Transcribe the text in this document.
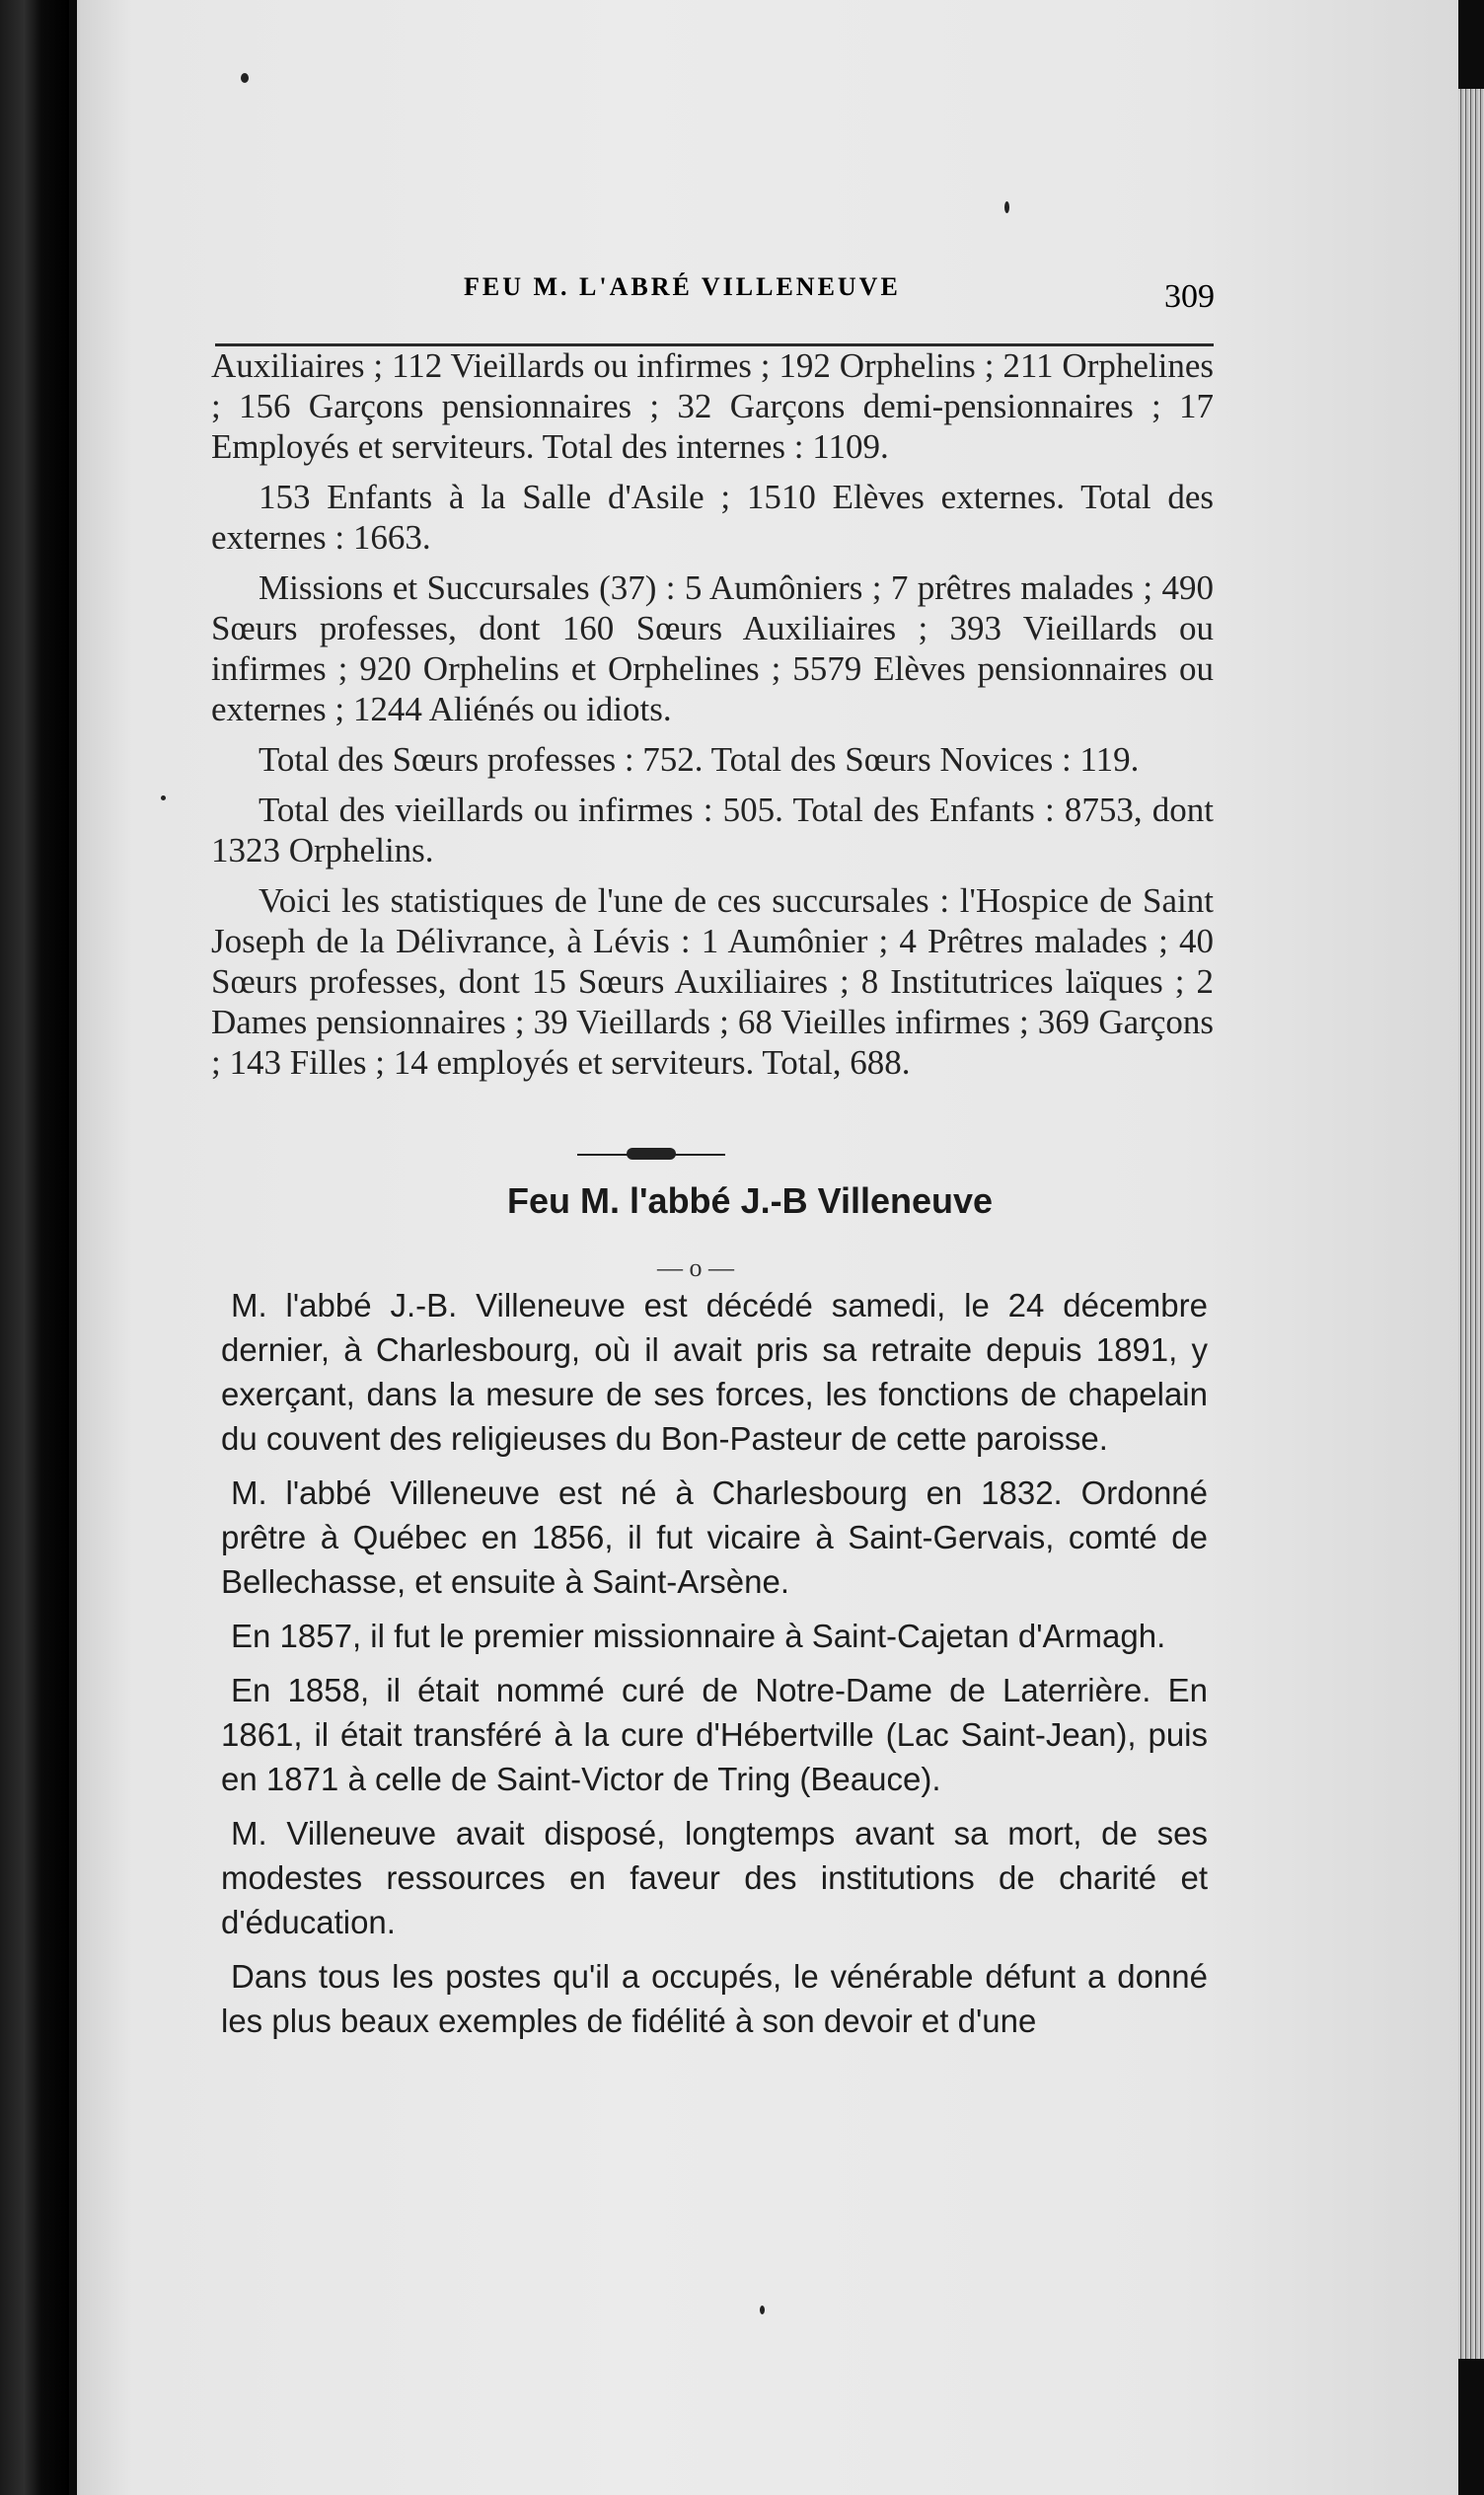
FEU M. L'ABRÉ VILLENEUVE	309

Auxiliaires ; 112 Vieillards ou infirmes ; 192 Orphelins ; 211 Orphelines ; 156 Garçons pensionnaires ; 32 Garçons demi-pensionnaires ; 17 Employés et serviteurs. Total des internes : 1109.

153 Enfants à la Salle d'Asile ; 1510 Elèves externes. Total des externes : 1663.

Missions et Succursales (37) : 5 Aumôniers ; 7 prêtres malades ; 490 Sœurs professes, dont 160 Sœurs Auxiliaires ; 393 Vieillards ou infirmes ; 920 Orphelins et Orphelines ; 5579 Elèves pensionnaires ou externes ; 1244 Aliénés ou idiots.

Total des Sœurs professes : 752. Total des Sœurs Novices : 119.

Total des vieillards ou infirmes : 505. Total des Enfants : 8753, dont 1323 Orphelins.

Voici les statistiques de l'une de ces succursales : l'Hospice de Saint Joseph de la Délivrance, à Lévis : 1 Aumônier ; 4 Prêtres malades ; 40 Sœurs professes, dont 15 Sœurs Auxiliaires ; 8 Institutrices laïques ; 2 Dames pensionnaires ; 39 Vieillards ; 68 Vieilles infirmes ; 369 Garçons ; 143 Filles ; 14 employés et serviteurs. Total, 688.

Feu M. l'abbé J.-B Villeneuve
— o —

M. l'abbé J.-B. Villeneuve est décédé samedi, le 24 décembre dernier, à Charlesbourg, où il avait pris sa retraite depuis 1891, y exerçant, dans la mesure de ses forces, les fonctions de chapelain du couvent des religieuses du Bon-Pasteur de cette paroisse.

M. l'abbé Villeneuve est né à Charlesbourg en 1832. Ordonné prêtre à Québec en 1856, il fut vicaire à Saint-Gervais, comté de Bellechasse, et ensuite à Saint-Arsène.

En 1857, il fut le premier missionnaire à Saint-Cajetan d'Armagh.

En 1858, il était nommé curé de Notre-Dame de Laterrière. En 1861, il était transféré à la cure d'Hébertville (Lac Saint-Jean), puis en 1871 à celle de Saint-Victor de Tring (Beauce).

M. Villeneuve avait disposé, longtemps avant sa mort, de ses modestes ressources en faveur des institutions de charité et d'éducation.

Dans tous les postes qu'il a occupés, le vénérable défunt a donné les plus beaux exemples de fidélité à son devoir et d'une
